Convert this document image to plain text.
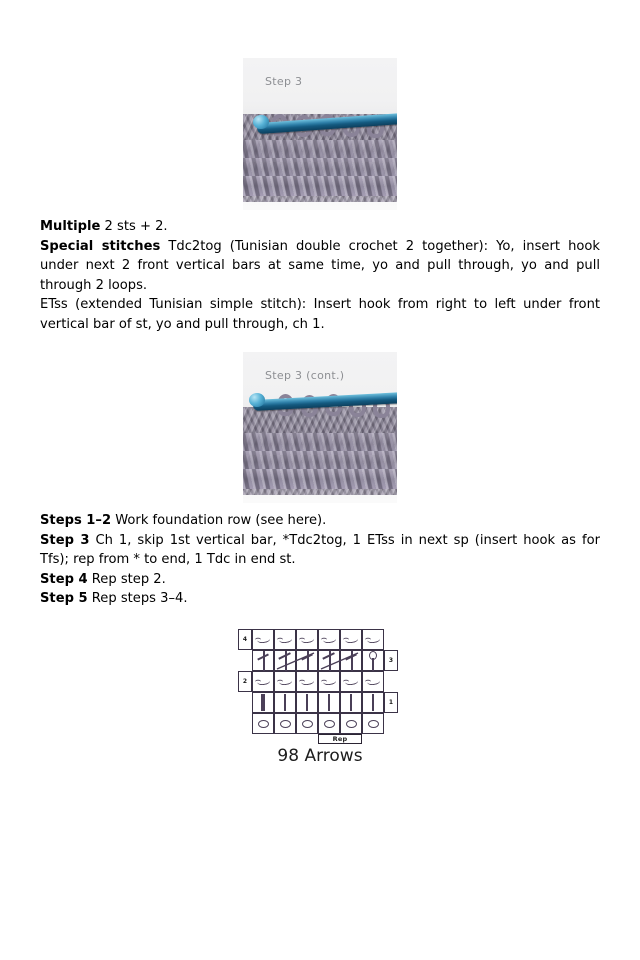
Step 3

Multiple 2 sts + 2.

Special stitches Tdc2tog (Tunisian double crochet 2 together): Yo, insert hook under next 2 front vertical bars at same time, yo and pull through, yo and pull through 2 loops.

ETss (extended Tunisian simple stitch): Insert hook from right to left under front vertical bar of st, yo and pull through, ch 1.

Step 3 (cont.)

Steps 1–2 Work foundation row (see here).

Step 3 Ch 1, skip 1st vertical bar, *Tdc2tog, 1 ETss in next sp (insert hook as for Tfs); rep from * to end, 1 Tdc in end st.

Step 4 Rep step 2.

Step 5 Rep steps 3–4.

4
3
2
1
Rep
98 Arrows
